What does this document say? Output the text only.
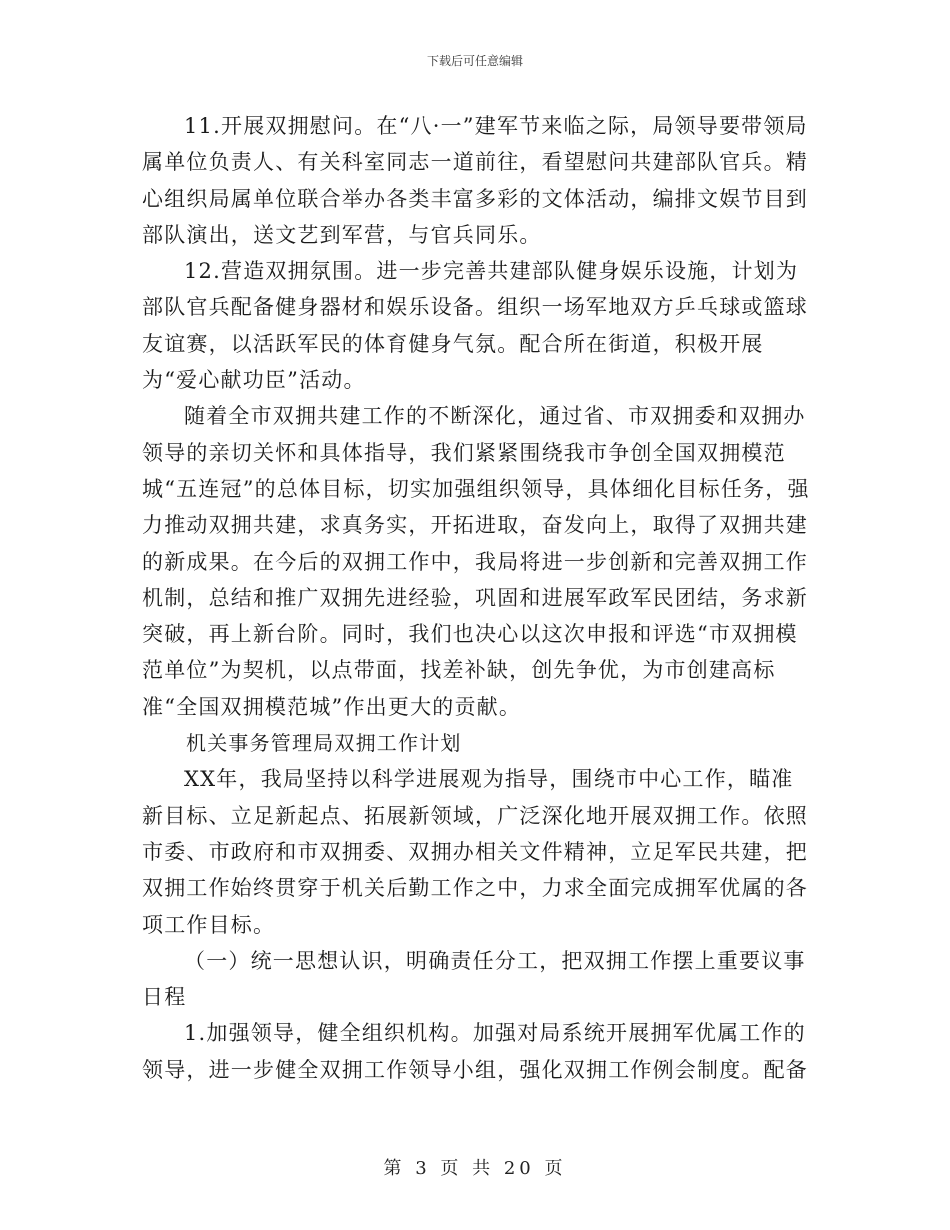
下载后可任意编辑

11.开展双拥慰问。在“八·一”建军节来临之际，局领导要带领局属单位负责人、有关科室同志一道前往，看望慰问共建部队官兵。精心组织局属单位联合举办各类丰富多彩的文体活动，编排文娱节目到部队演出，送文艺到军营，与官兵同乐。

12.营造双拥氛围。进一步完善共建部队健身娱乐设施，计划为部队官兵配备健身器材和娱乐设备。组织一场军地双方乒乓球或篮球友谊赛，以活跃军民的体育健身气氛。配合所在街道，积极开展为“爱心献功臣”活动。

随着全市双拥共建工作的不断深化，通过省、市双拥委和双拥办领导的亲切关怀和具体指导，我们紧紧围绕我市争创全国双拥模范城“五连冠”的总体目标，切实加强组织领导，具体细化目标任务，强力推动双拥共建，求真务实，开拓进取，奋发向上，取得了双拥共建的新成果。在今后的双拥工作中，我局将进一步创新和完善双拥工作机制，总结和推广双拥先进经验，巩固和进展军政军民团结，务求新突破，再上新台阶。同时，我们也决心以这次申报和评选“市双拥模范单位”为契机，以点带面，找差补缺，创先争优，为市创建高标准“全国双拥模范城”作出更大的贡献。

机关事务管理局双拥工作计划

XX年，我局坚持以科学进展观为指导，围绕市中心工作，瞄准新目标、立足新起点、拓展新领域，广泛深化地开展双拥工作。依照市委、市政府和市双拥委、双拥办相关文件精神，立足军民共建，把双拥工作始终贯穿于机关后勤工作之中，力求全面完成拥军优属的各项工作目标。

（一）统一思想认识，明确责任分工，把双拥工作摆上重要议事日程

1.加强领导，健全组织机构。加强对局系统开展拥军优属工作的领导，进一步健全双拥工作领导小组，强化双拥工作例会制度。配备

第 3 页 共 20 页
